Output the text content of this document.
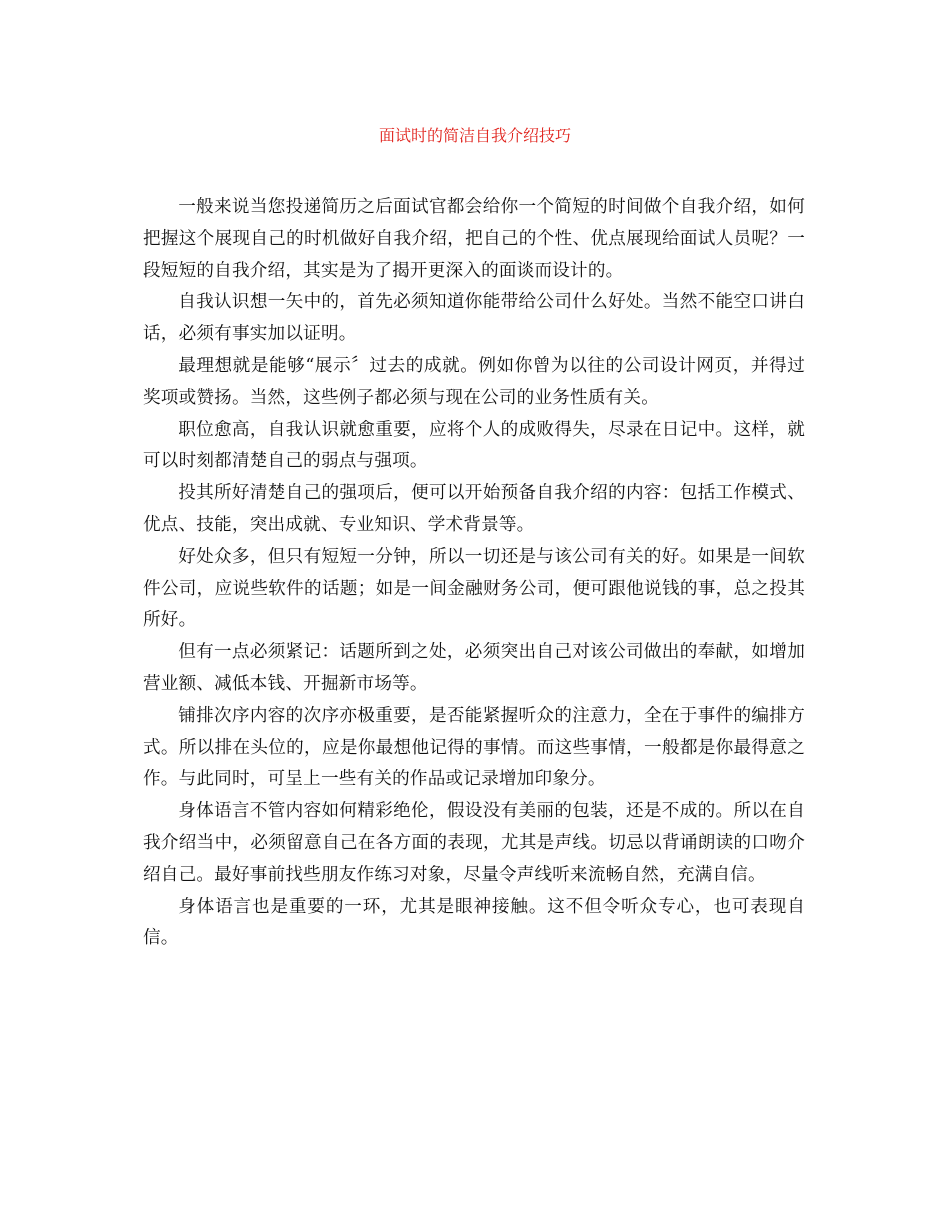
面试时的简洁自我介绍技巧

一般来说当您投递简历之后面试官都会给你一个简短的时间做个自我介绍，如何把握这个展现自己的时机做好自我介绍，把自己的个性、优点展现给面试人员呢？一段短短的自我介绍，其实是为了揭开更深入的面谈而设计的。

自我认识想一矢中的，首先必须知道你能带给公司什么好处。当然不能空口讲白话，必须有事实加以证明。

最理想就是能够“展示〞过去的成就。例如你曾为以往的公司设计网页，并得过奖项或赞扬。当然，这些例子都必须与现在公司的业务性质有关。

职位愈高，自我认识就愈重要，应将个人的成败得失，尽录在日记中。这样，就可以时刻都清楚自己的弱点与强项。

投其所好清楚自己的强项后，便可以开始预备自我介绍的内容：包括工作模式、优点、技能，突出成就、专业知识、学术背景等。

好处众多，但只有短短一分钟，所以一切还是与该公司有关的好。如果是一间软件公司，应说些软件的话题；如是一间金融财务公司，便可跟他说钱的事，总之投其所好。

但有一点必须紧记：话题所到之处，必须突出自己对该公司做出的奉献，如增加营业额、减低本钱、开掘新市场等。

铺排次序内容的次序亦极重要，是否能紧握听众的注意力，全在于事件的编排方式。所以排在头位的，应是你最想他记得的事情。而这些事情，一般都是你最得意之作。与此同时，可呈上一些有关的作品或记录增加印象分。

身体语言不管内容如何精彩绝伦，假设没有美丽的包装，还是不成的。所以在自我介绍当中，必须留意自己在各方面的表现，尤其是声线。切忌以背诵朗读的口吻介绍自己。最好事前找些朋友作练习对象，尽量令声线听来流畅自然，充满自信。

身体语言也是重要的一环，尤其是眼神接触。这不但令听众专心，也可表现自信。
